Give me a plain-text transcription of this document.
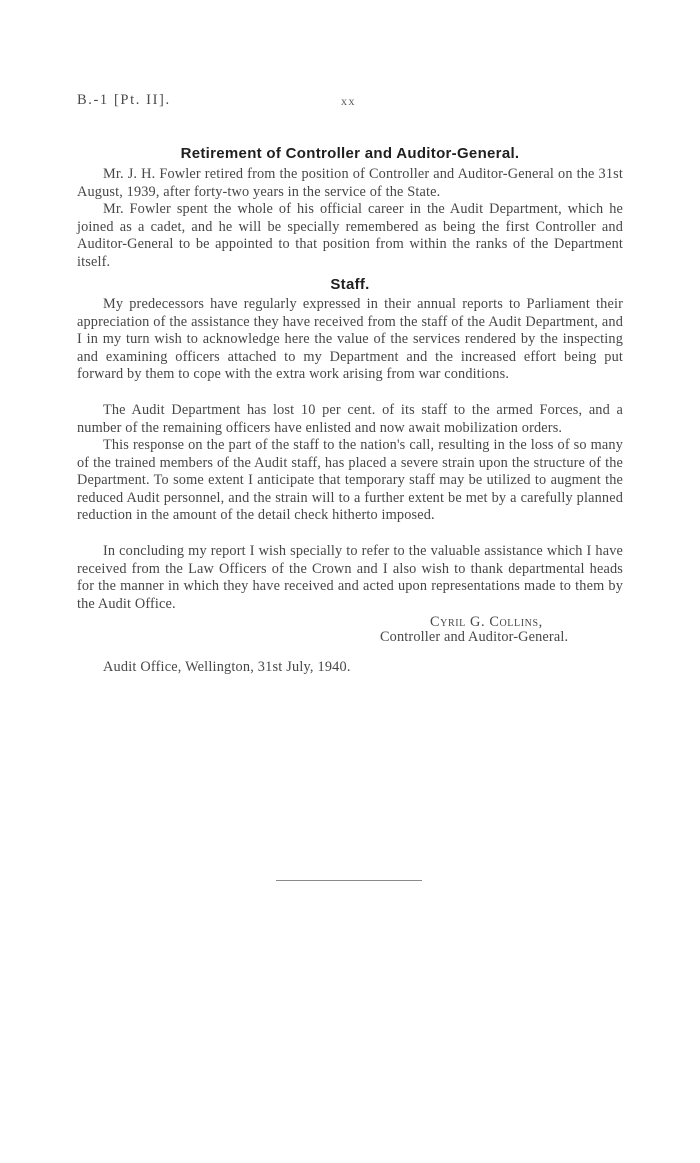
B.-1 [Pt. II].	xx
Retirement of Controller and Auditor-General.

Mr. J. H. Fowler retired from the position of Controller and Auditor-General on the 31st August, 1939, after forty-two years in the service of the State.

Mr. Fowler spent the whole of his official career in the Audit Department, which he joined as a cadet, and he will be specially remembered as being the first Controller and Auditor-General to be appointed to that position from within the ranks of the Department itself.

Staff.

My predecessors have regularly expressed in their annual reports to Parliament their appreciation of the assistance they have received from the staff of the Audit Department, and I in my turn wish to acknowledge here the value of the services rendered by the inspecting and examining officers attached to my Department and the increased effort being put forward by them to cope with the extra work arising from war conditions.

The Audit Department has lost 10 per cent. of its staff to the armed Forces, and a number of the remaining officers have enlisted and now await mobilization orders.

This response on the part of the staff to the nation's call, resulting in the loss of so many of the trained members of the Audit staff, has placed a severe strain upon the structure of the Department. To some extent I anticipate that temporary staff may be utilized to augment the reduced Audit personnel, and the strain will to a further extent be met by a carefully planned reduction in the amount of the detail check hitherto imposed.

In concluding my report I wish specially to refer to the valuable assistance which I have received from the Law Officers of the Crown and I also wish to thank departmental heads for the manner in which they have received and acted upon representations made to them by the Audit Office.

Cyril G. Collins,
Controller and Auditor-General.
Audit Office, Wellington, 31st July, 1940.
